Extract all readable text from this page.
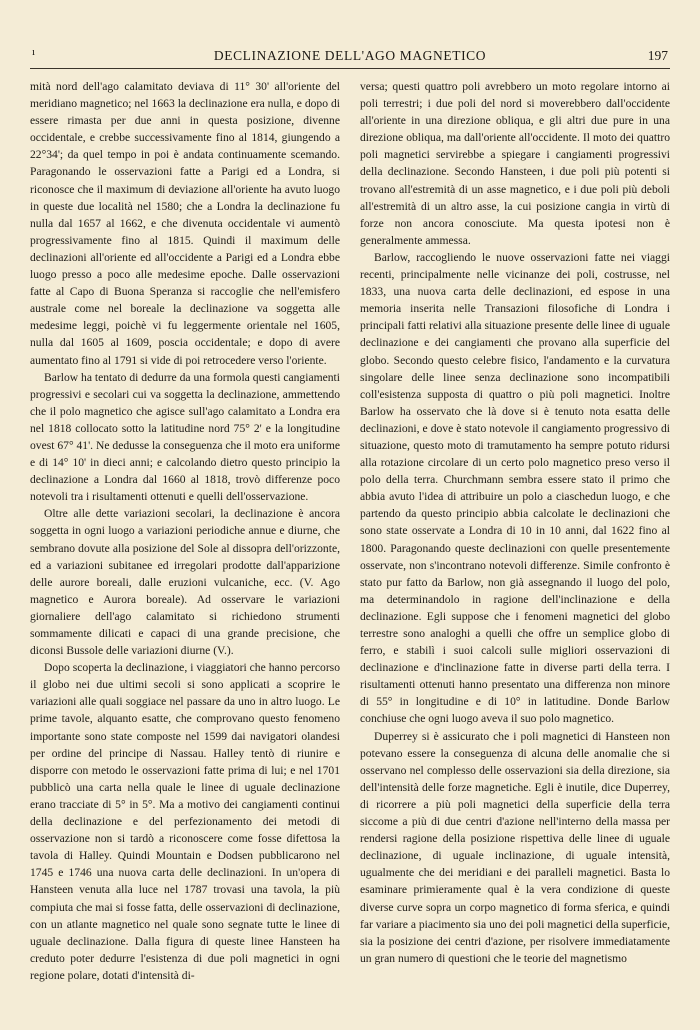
ı	DECLINAZIONE DELL'AGO MAGNETICO	197

mità nord dell'ago calamitato deviava di 11° 30' all'oriente del meridiano magnetico; nel 1663 la declinazione era nulla, e dopo di essere rimasta per due anni in questa posizione, divenne occidentale, e crebbe successivamente fino al 1814, giungendo a 22°34'; da quel tempo in poi è andata continuamente scemando. Paragonando le osservazioni fatte a Parigi ed a Londra, si riconosce che il maximum di deviazione all'oriente ha avuto luogo in queste due località nel 1580; che a Londra la declinazione fu nulla dal 1657 al 1662, e che divenuta occidentale vi aumentò progressivamente fino al 1815. Quindi il maximum delle declinazioni all'oriente ed all'occidente a Parigi ed a Londra ebbe luogo presso a poco alle medesime epoche. Dalle osservazioni fatte al Capo di Buona Speranza si raccoglie che nell'emisfero australe come nel boreale la declinazione va soggetta alle medesime leggi, poichè vi fu leggermente orientale nel 1605, nulla dal 1605 al 1609, poscia occidentale; e dopo di avere aumentato fino al 1791 si vide di poi retrocedere verso l'oriente.

Barlow ha tentato di dedurre da una formola questi cangiamenti progressivi e secolari cui va soggetta la declinazione, ammettendo che il polo magnetico che agisce sull'ago calamitato a Londra era nel 1818 collocato sotto la latitudine nord 75° 2' e la longitudine ovest 67° 41'. Ne dedusse la conseguenza che il moto era uniforme e di 14° 10' in dieci anni; e calcolando dietro questo principio la declinazione a Londra dal 1660 al 1818, trovò differenze poco notevoli tra i risultamenti ottenuti e quelli dell'osservazione.

Oltre alle dette variazioni secolari, la declinazione è ancora soggetta in ogni luogo a variazioni periodiche annue e diurne, che sembrano dovute alla posizione del Sole al dissopra dell'orizzonte, ed a variazioni subitanee ed irregolari prodotte dall'apparizione delle aurore boreali, dalle eruzioni vulcaniche, ecc. (V. Ago magnetico e Aurora boreale). Ad osservare le variazioni giornaliere dell'ago calamitato si richiedono strumenti sommamente dilicati e capaci di una grande precisione, che diconsi Bussole delle variazioni diurne (V.).

Dopo scoperta la declinazione, i viaggiatori che hanno percorso il globo nei due ultimi secoli si sono applicati a scoprire le variazioni alle quali soggiace nel passare da uno in altro luogo. Le prime tavole, alquanto esatte, che comprovano questo fenomeno importante sono state composte nel 1599 dai navigatori olandesi per ordine del principe di Nassau. Halley tentò di riunire e disporre con metodo le osservazioni fatte prima di lui; e nel 1701 pubblicò una carta nella quale le linee di uguale declinazione erano tracciate di 5° in 5°. Ma a motivo dei cangiamenti continui della declinazione e del perfezionamento dei metodi di osservazione non si tardò a riconoscere come fosse difettosa la tavola di Halley. Quindi Mountain e Dodsen pubblicarono nel 1745 e 1746 una nuova carta delle declinazioni. In un'opera di Hansteen venuta alla luce nel 1787 trovasi una tavola, la più compiuta che mai si fosse fatta, delle osservazioni di declinazione, con un atlante magnetico nel quale sono segnate tutte le linee di uguale declinazione. Dalla figura di queste linee Hansteen ha creduto poter dedurre l'esistenza di due poli magnetici in ogni regione polare, dotati d'intensità di-

versa; questi quattro poli avrebbero un moto regolare intorno ai poli terrestri; i due poli del nord si moverebbero dall'occidente all'oriente in una direzione obliqua, e gli altri due pure in una direzione obliqua, ma dall'oriente all'occidente. Il moto dei quattro poli magnetici servirebbe a spiegare i cangiamenti progressivi della declinazione. Secondo Hansteen, i due poli più potenti si trovano all'estremità di un asse magnetico, e i due poli più deboli all'estremità di un altro asse, la cui posizione cangia in virtù di forze non ancora conosciute. Ma questa ipotesi non è generalmente ammessa.

Barlow, raccogliendo le nuove osservazioni fatte nei viaggi recenti, principalmente nelle vicinanze dei poli, costrusse, nel 1833, una nuova carta delle declinazioni, ed espose in una memoria inserita nelle Transazioni filosofiche di Londra i principali fatti relativi alla situazione presente delle linee di uguale declinazione e dei cangiamenti che provano alla superficie del globo. Secondo questo celebre fisico, l'andamento e la curvatura singolare delle linee senza declinazione sono incompatibili coll'esistenza supposta di quattro o più poli magnetici. Inoltre Barlow ha osservato che là dove si è tenuto nota esatta delle declinazioni, e dove è stato notevole il cangiamento progressivo di situazione, questo moto di tramutamento ha sempre potuto ridursi alla rotazione circolare di un certo polo magnetico preso verso il polo della terra. Churchmann sembra essere stato il primo che abbia avuto l'idea di attribuire un polo a ciaschedun luogo, e che partendo da questo principio abbia calcolate le declinazioni che sono state osservate a Londra di 10 in 10 anni, dal 1622 fino al 1800. Paragonando queste declinazioni con quelle presentemente osservate, non s'incontrano notevoli differenze. Simile confronto è stato pur fatto da Barlow, non già assegnando il luogo del polo, ma determinandolo in ragione dell'inclinazione e della declinazione. Egli suppose che i fenomeni magnetici del globo terrestre sono analoghi a quelli che offre un semplice globo di ferro, e stabilì i suoi calcoli sulle migliori osservazioni di declinazione e d'inclinazione fatte in diverse parti della terra. I risultamenti ottenuti hanno presentato una differenza non minore di 55° in longitudine e di 10° in latitudine. Donde Barlow conchiuse che ogni luogo aveva il suo polo magnetico.

Duperrey si è assicurato che i poli magnetici di Hansteen non potevano essere la conseguenza di alcuna delle anomalie che si osservano nel complesso delle osservazioni sia della direzione, sia dell'intensità delle forze magnetiche. Egli è inutile, dice Duperrey, di ricorrere a più poli magnetici della superficie della terra siccome a più di due centri d'azione nell'interno della massa per rendersi ragione della posizione rispettiva delle linee di uguale declinazione, di uguale inclinazione, di uguale intensità, ugualmente che dei meridiani e dei paralleli magnetici. Basta lo esaminare primieramente qual è la vera condizione di queste diverse curve sopra un corpo magnetico di forma sferica, e quindi far variare a piacimento sia uno dei poli magnetici della superficie, sia la posizione dei centri d'azione, per risolvere immediatamente un gran numero di questioni che le teorie del magnetismo
